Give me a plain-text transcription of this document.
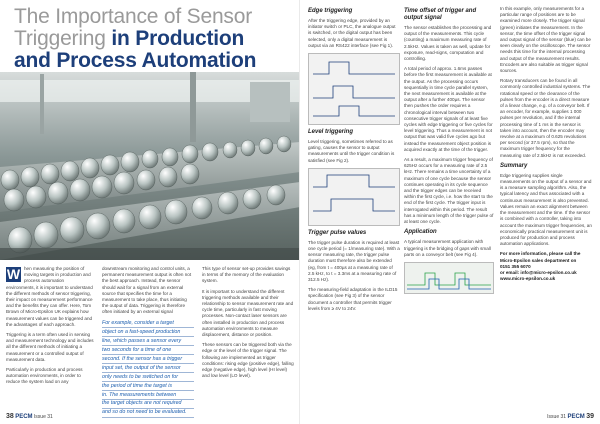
The Importance of Sensor
Triggering in Production
and Process Automation

W hen measuring the position of moving targets in production and process automation environments, it is important to understand the different methods of sensor triggering, their impact on measurement performance and the benefits they can offer. Here, Tom Brown of Micro-Epsilon UK explains how measurement values can be triggered and the advantages of each approach.

Triggering is a term often used in sensing and measurement technology and includes all the different methods of initiating a measurement or a controlled output of measurement data.

Particularly in production and process automation environments, in order to reduce the system load on any

downstream monitoring and control units, a permanent measurement output is often not the best approach. Instead, the sensor should wait for a signal from an external source that specifies the time for a measurement to take place, thus initiating the output of data. Triggering is therefore often initiated by an external signal

For example, consider a target
object on a fast-speed production
line, which passes a sensor every
two seconds for a time of one
second. If the sensor has a trigger
input set, the output of the sensor
only needs to be switched on for
the period of time the target is
in. The measurements between
the target objects are not required
and so do not need to be evaluated.

This type of sensor set-up provides savings in terms of the memory of the evaluation system.

It is important to understand the different triggering methods available and their relationship to sensor measurement rate and cycle time, particularly in fast moving processes. Non-contact laser sensors are often installed in production and process automation environments to measure displacement, distance or position.

These sensors can be triggered both via the edge or the level of the trigger signal. The following are implemented as trigger conditions: rising edge (positive edge), falling edge (negative edge), high level (HI level) and low level (LO level).

38 PECM Issue 31
Edge triggering

After the triggering edge, provided by an initiator switch or PLC, the analogue output is switched, or the digital output has been selected, only a digital measurement is output via an RS422 interface (see Fig 1).

Level triggering

Level triggering, sometimes referred to as gating, causes the sensor to output measurements until the trigger condition is satisfied (see Fig 2).

Trigger pulse values

The trigger pulse duration is required at least one cycle period (= 1/measuring rate). With a sensor measuring rate, the trigger pulse duration must therefore also be extended (eg, from t = 400µs at a measuring rate of 2.5 kHz, to t = 3.3ms at a measuring rate of 312.5 Hz).

The measuring-field adaptation in the ILD15 specification (see Fig 3) of the sensor document a controller that permits trigger levels from ≥ 4V to 24V.

Time offset of trigger and output signal

The sensor establishes the processing and output of the measurements. This cycle (counting) a maximum measuring rate of 2.5kHz. Values is taken as well, update for exposure, read-signs, computation and controlling.

A total period of approx. 1.6ms passes before the first measurement is available at the output. As the processing occurs sequentially in time cycle parallel system, the next measurement is available at the output after a further 400µs. The sensor then pushes the order requires a chronological interval between two consecutive trigger signals of at least five cycles with edge triggering or five cycles for level triggering. Thus a measurement is not output that was valid five cycles ago but instead the measurement object position is acquired exactly at the time of the trigger.

As a result, a maximum trigger frequency of 625Hz occurs for a measuring rate of 2.5 kHz. There remains a time uncertainty of a maximum of one cycle because the sensor continues operating in its cycle sequence and the trigger edges can be received within the first cycle, i.e. how the start to the end of the first cycle. The trigger input is interrogated within this period. The result has a minimum length of the trigger pulse of at least one cycle.

Application

A typical measurement application with triggering is the bridging of gaps with small parts on a conveyor belt (see Fig 4).

In this example, only measurements for a particular range of positions are to be examined more closely. The trigger signal (green) initiates the measurement. In the sensor, the time offset of the trigger signal and output signal of the sensor (blue) can be seen clearly on the oscilloscope. The sensor needs this time for the internal processing and output of the measurement results. Encoders are also suitable as trigger signal sources.

Rotary transducers can be found in all commonly controlled industrial systems. The rotational speed or the clearance of the pulses from the encoder is a direct measure of a linear change, e.g. of a conveyor belt. If an encoder, for example, supplies 1 000 pulses per revolution, and if the internal processing time of 1 ms in the sensor is taken into account, then the encoder may revolve at a maximum of 0.625 revolutions per second (or 37.5 rpm), so that the maximum trigger frequency for the measuring rate of 2.5kHz is not exceeded.

Summary

Edge triggering supplies single measurements on the output of a sensor and is a measure sampling algorithm. Also, the typical latency and thus associated with a continuous measurement is also prevented. Values remain an exact alignment between the measurement and the time. If the sensor is combined with a controller, taking into account the maximum trigger frequencies, an economically practical measurement unit is produced for production and process automation applications.

For more information, please call the Micro-Epsilon sales department on
0151 355 6070
or email: info@micro-epsilon.co.uk
www.micro-epsilon.co.uk

Issue 31 PECM 39
